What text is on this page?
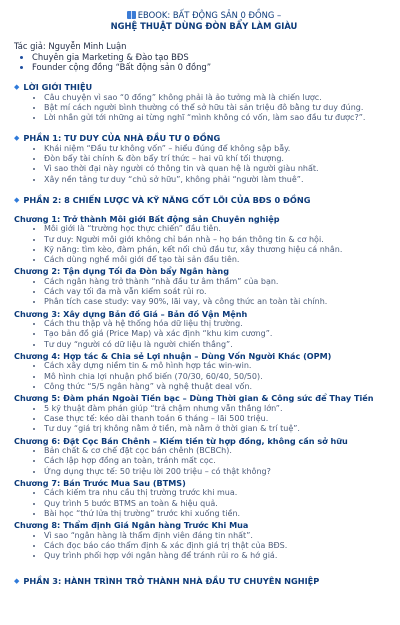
EBOOK: BẤT ĐỘNG SẢN 0 ĐỒNG –
NGHỆ THUẬT DÙNG ĐÒN BẨY LÀM GIÀU
Tác giả: Nguyễn Minh Luận
• Chuyên gia Marketing & Đào tạo BĐS
• Founder cộng đồng “Bất động sản 0 đồng”
◆ LỜI GIỚI THIỆU
• Câu chuyện vì sao “0 đồng” không phải là ảo tưởng mà là chiến lược.
• Bật mí cách người bình thường có thể sở hữu tài sản triệu đô bằng tư duy đúng.
• Lời nhắn gửi tới những ai từng nghĩ “mình không có vốn, làm sao đầu tư được?”.
◆ PHẦN 1: TƯ DUY CỦA NHÀ ĐẦU TƯ 0 ĐỒNG
• Khái niệm “Đầu tư không vốn” – hiểu đúng để không sập bẫy.
• Đòn bẩy tài chính & đòn bẩy trí thức – hai vũ khí tối thượng.
• Vì sao thời đại này người có thông tin và quan hệ là người giàu nhất.
• Xây nền tảng tư duy “chủ sở hữu”, không phải “người làm thuê”.
◆ PHẦN 2: 8 CHIẾN LƯỢC VÀ KỸ NĂNG CỐT LÕI CỦA BĐS 0 ĐỒNG
Chương 1: Trở thành Môi giới Bất động sản Chuyên nghiệp
• Môi giới là “trường học thực chiến” đầu tiên.
• Tư duy: Người môi giới không chỉ bán nhà – họ bán thông tin & cơ hội.
• Kỹ năng: tìm kèo, đàm phán, kết nối chủ đầu tư, xây thương hiệu cá nhân.
• Cách dùng nghề môi giới để tạo tài sản đầu tiên.
Chương 2: Tận dụng Tối đa Đòn bẩy Ngân hàng
• Cách ngân hàng trở thành “nhà đầu tư âm thầm” của bạn.
• Cách vay tối đa mà vẫn kiểm soát rủi ro.
• Phân tích case study: vay 90%, lãi vay, và công thức an toàn tài chính.
Chương 3: Xây dựng Bản đồ Giá – Bản đồ Vận Mệnh
• Cách thu thập và hệ thống hóa dữ liệu thị trường.
• Tạo bản đồ giá (Price Map) và xác định “khu kim cương”.
• Tư duy “người có dữ liệu là người chiến thắng”.
Chương 4: Hợp tác & Chia sẻ Lợi nhuận – Dùng Vốn Người Khác (OPM)
• Cách xây dựng niềm tin & mô hình hợp tác win-win.
• Mô hình chia lợi nhuận phổ biến (70/30, 60/40, 50/50).
• Công thức “5/5 ngân hàng” và nghệ thuật deal vốn.
Chương 5: Đàm phán Ngoài Tiền bạc – Dùng Thời gian & Công sức để Thay Tiền
• 5 kỹ thuật đàm phán giúp “trả chậm nhưng vẫn thắng lớn”.
• Case thực tế: kéo dài thanh toán 6 tháng – lãi 500 triệu.
• Tư duy “giá trị không nằm ở tiền, mà nằm ở thời gian & trí tuệ”.
Chương 6: Đặt Cọc Bán Chênh – Kiếm tiền từ hợp đồng, không cần sở hữu
• Bản chất & cơ chế đặt cọc bán chênh (BCBCh).
• Cách lập hợp đồng an toàn, tránh mất cọc.
• Ứng dụng thực tế: 50 triệu lời 200 triệu – có thật không?
Chương 7: Bán Trước Mua Sau (BTMS)
• Cách kiếm tra nhu cầu thị trường trước khi mua.
• Quy trình 5 bước BTMS an toàn & hiệu quả.
• Bài học “thứ lửa thị trường” trước khi xuống tiền.
Chương 8: Thẩm định Giá Ngân hàng Trước Khi Mua
• Vì sao “ngân hàng là thẩm định viên đáng tin nhất”.
• Cách đọc báo cáo thẩm định & xác định giá trị thật của BĐS.
• Quy trình phối hợp với ngân hàng để tránh rủi ro & hớ giá.
◆ PHẦN 3: HÀNH TRÌNH TRỞ THÀNH NHÀ ĐẦU TƯ CHUYÊN NGHIỆP
